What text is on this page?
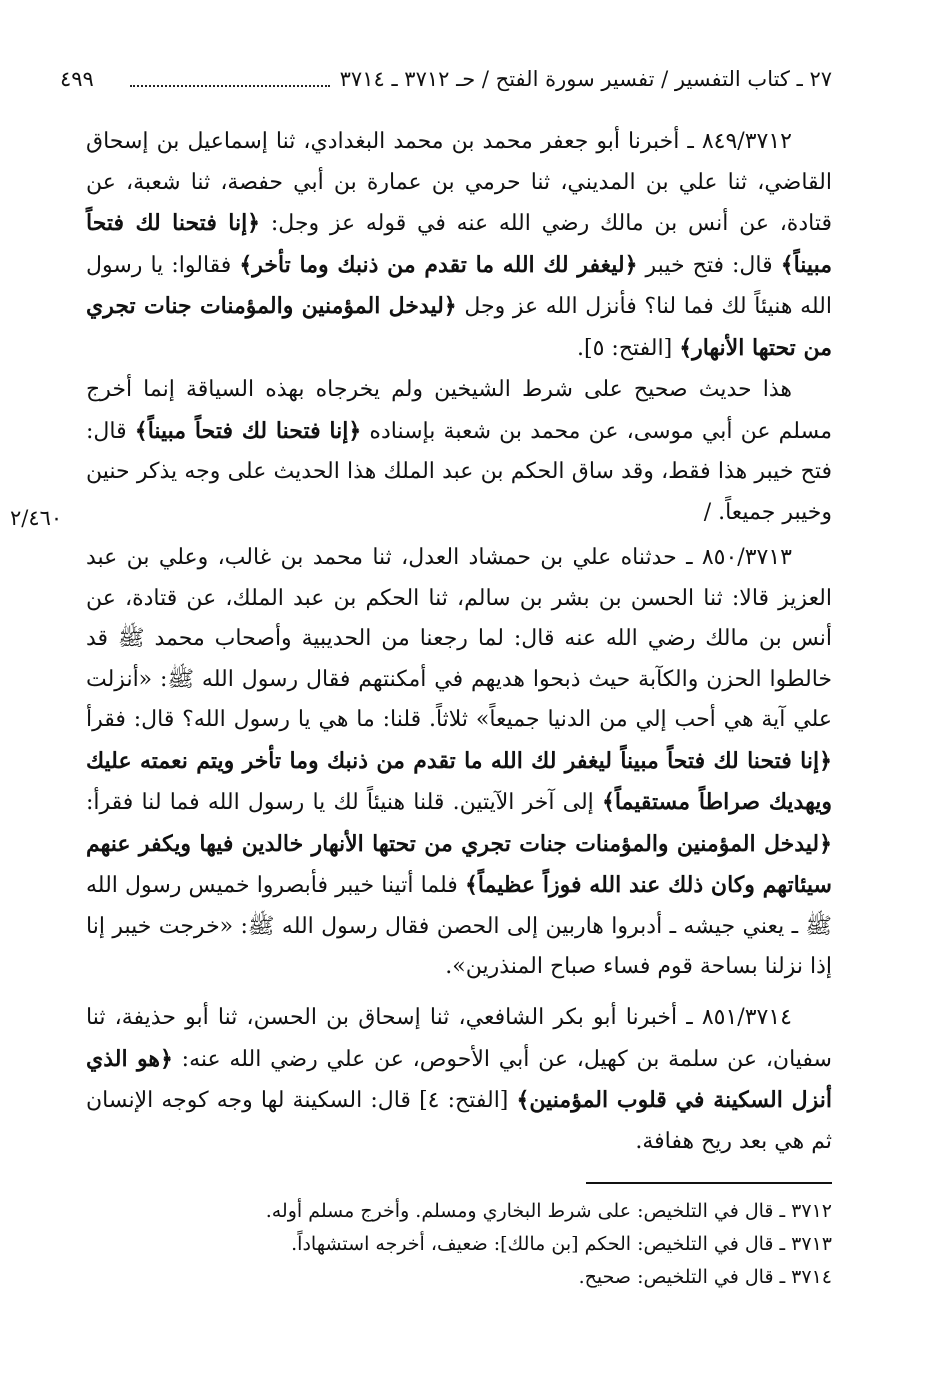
٢٧ ـ كتاب التفسير / تفسير سورة الفتح / حـ ٣٧١٢ ـ ٣٧١٤
٤٩٩

٨٤٩/٣٧١٢ ـ أخبرنا أبو جعفر محمد بن محمد البغدادي، ثنا إسماعيل بن إسحاق القاضي، ثنا علي بن المديني، ثنا حرمي بن عمارة بن أبي حفصة، ثنا شعبة، عن قتادة، عن أنس بن مالك رضي الله عنه في قوله عز وجل: ﴿إنا فتحنا لك فتحاً مبيناً﴾ قال: فتح خيبر ﴿ليغفر لك الله ما تقدم من ذنبك وما تأخر﴾ فقالوا: يا رسول الله هنيئاً لك فما لنا؟ فأنزل الله عز وجل ﴿ليدخل المؤمنين والمؤمنات جنات تجري من تحتها الأنهار﴾ [الفتح: ٥].

هذا حديث صحيح على شرط الشيخين ولم يخرجاه بهذه السياقة إنما أخرج مسلم عن أبي موسى، عن محمد بن شعبة بإسناده ﴿إنا فتحنا لك فتحاً مبيناً﴾ قال: فتح خيبر هذا فقط، وقد ساق الحكم بن عبد الملك هذا الحديث على وجه يذكر حنين وخيبر جميعاً. /

٢/٤٦٠

٨٥٠/٣٧١٣ ـ حدثناه علي بن حمشاد العدل، ثنا محمد بن غالب، وعلي بن عبد العزيز قالا: ثنا الحسن بن بشر بن سالم، ثنا الحكم بن عبد الملك، عن قتادة، عن أنس بن مالك رضي الله عنه قال: لما رجعنا من الحديبية وأصحاب محمد ﷺ قد خالطوا الحزن والكآبة حيث ذبحوا هديهم في أمكنتهم فقال رسول الله ﷺ: «أنزلت علي آية هي أحب إلي من الدنيا جميعاً» ثلاثاً. قلنا: ما هي يا رسول الله؟ قال: فقرأ ﴿إنا فتحنا لك فتحاً مبيناً ليغفر لك الله ما تقدم من ذنبك وما تأخر ويتم نعمته عليك ويهديك صراطاً مستقيماً﴾ إلى آخر الآيتين. قلنا هنيئاً لك يا رسول الله فما لنا فقرأ: ﴿ليدخل المؤمنين والمؤمنات جنات تجري من تحتها الأنهار خالدين فيها ويكفر عنهم سيئاتهم وكان ذلك عند الله فوزاً عظيماً﴾ فلما أتينا خيبر فأبصروا خميس رسول الله ﷺ ـ يعني جيشه ـ أدبروا هاربين إلى الحصن فقال رسول الله ﷺ: «خرجت خيبر إنا إذا نزلنا بساحة قوم فساء صباح المنذرين».

٨٥١/٣٧١٤ ـ أخبرنا أبو بكر الشافعي، ثنا إسحاق بن الحسن، ثنا أبو حذيفة، ثنا سفيان، عن سلمة بن كهيل، عن أبي الأحوص، عن علي رضي الله عنه: ﴿هو الذي أنزل السكينة في قلوب المؤمنين﴾ [الفتح: ٤] قال: السكينة لها وجه كوجه الإنسان ثم هي بعد ريح هفافة.

٣٧١٢ ـ قال في التلخيص: على شرط البخاري ومسلم. وأخرج مسلم أوله.

٣٧١٣ ـ قال في التلخيص: الحكم [بن مالك]: ضعيف، أخرجه استشهاداً.

٣٧١٤ ـ قال في التلخيص: صحيح.
